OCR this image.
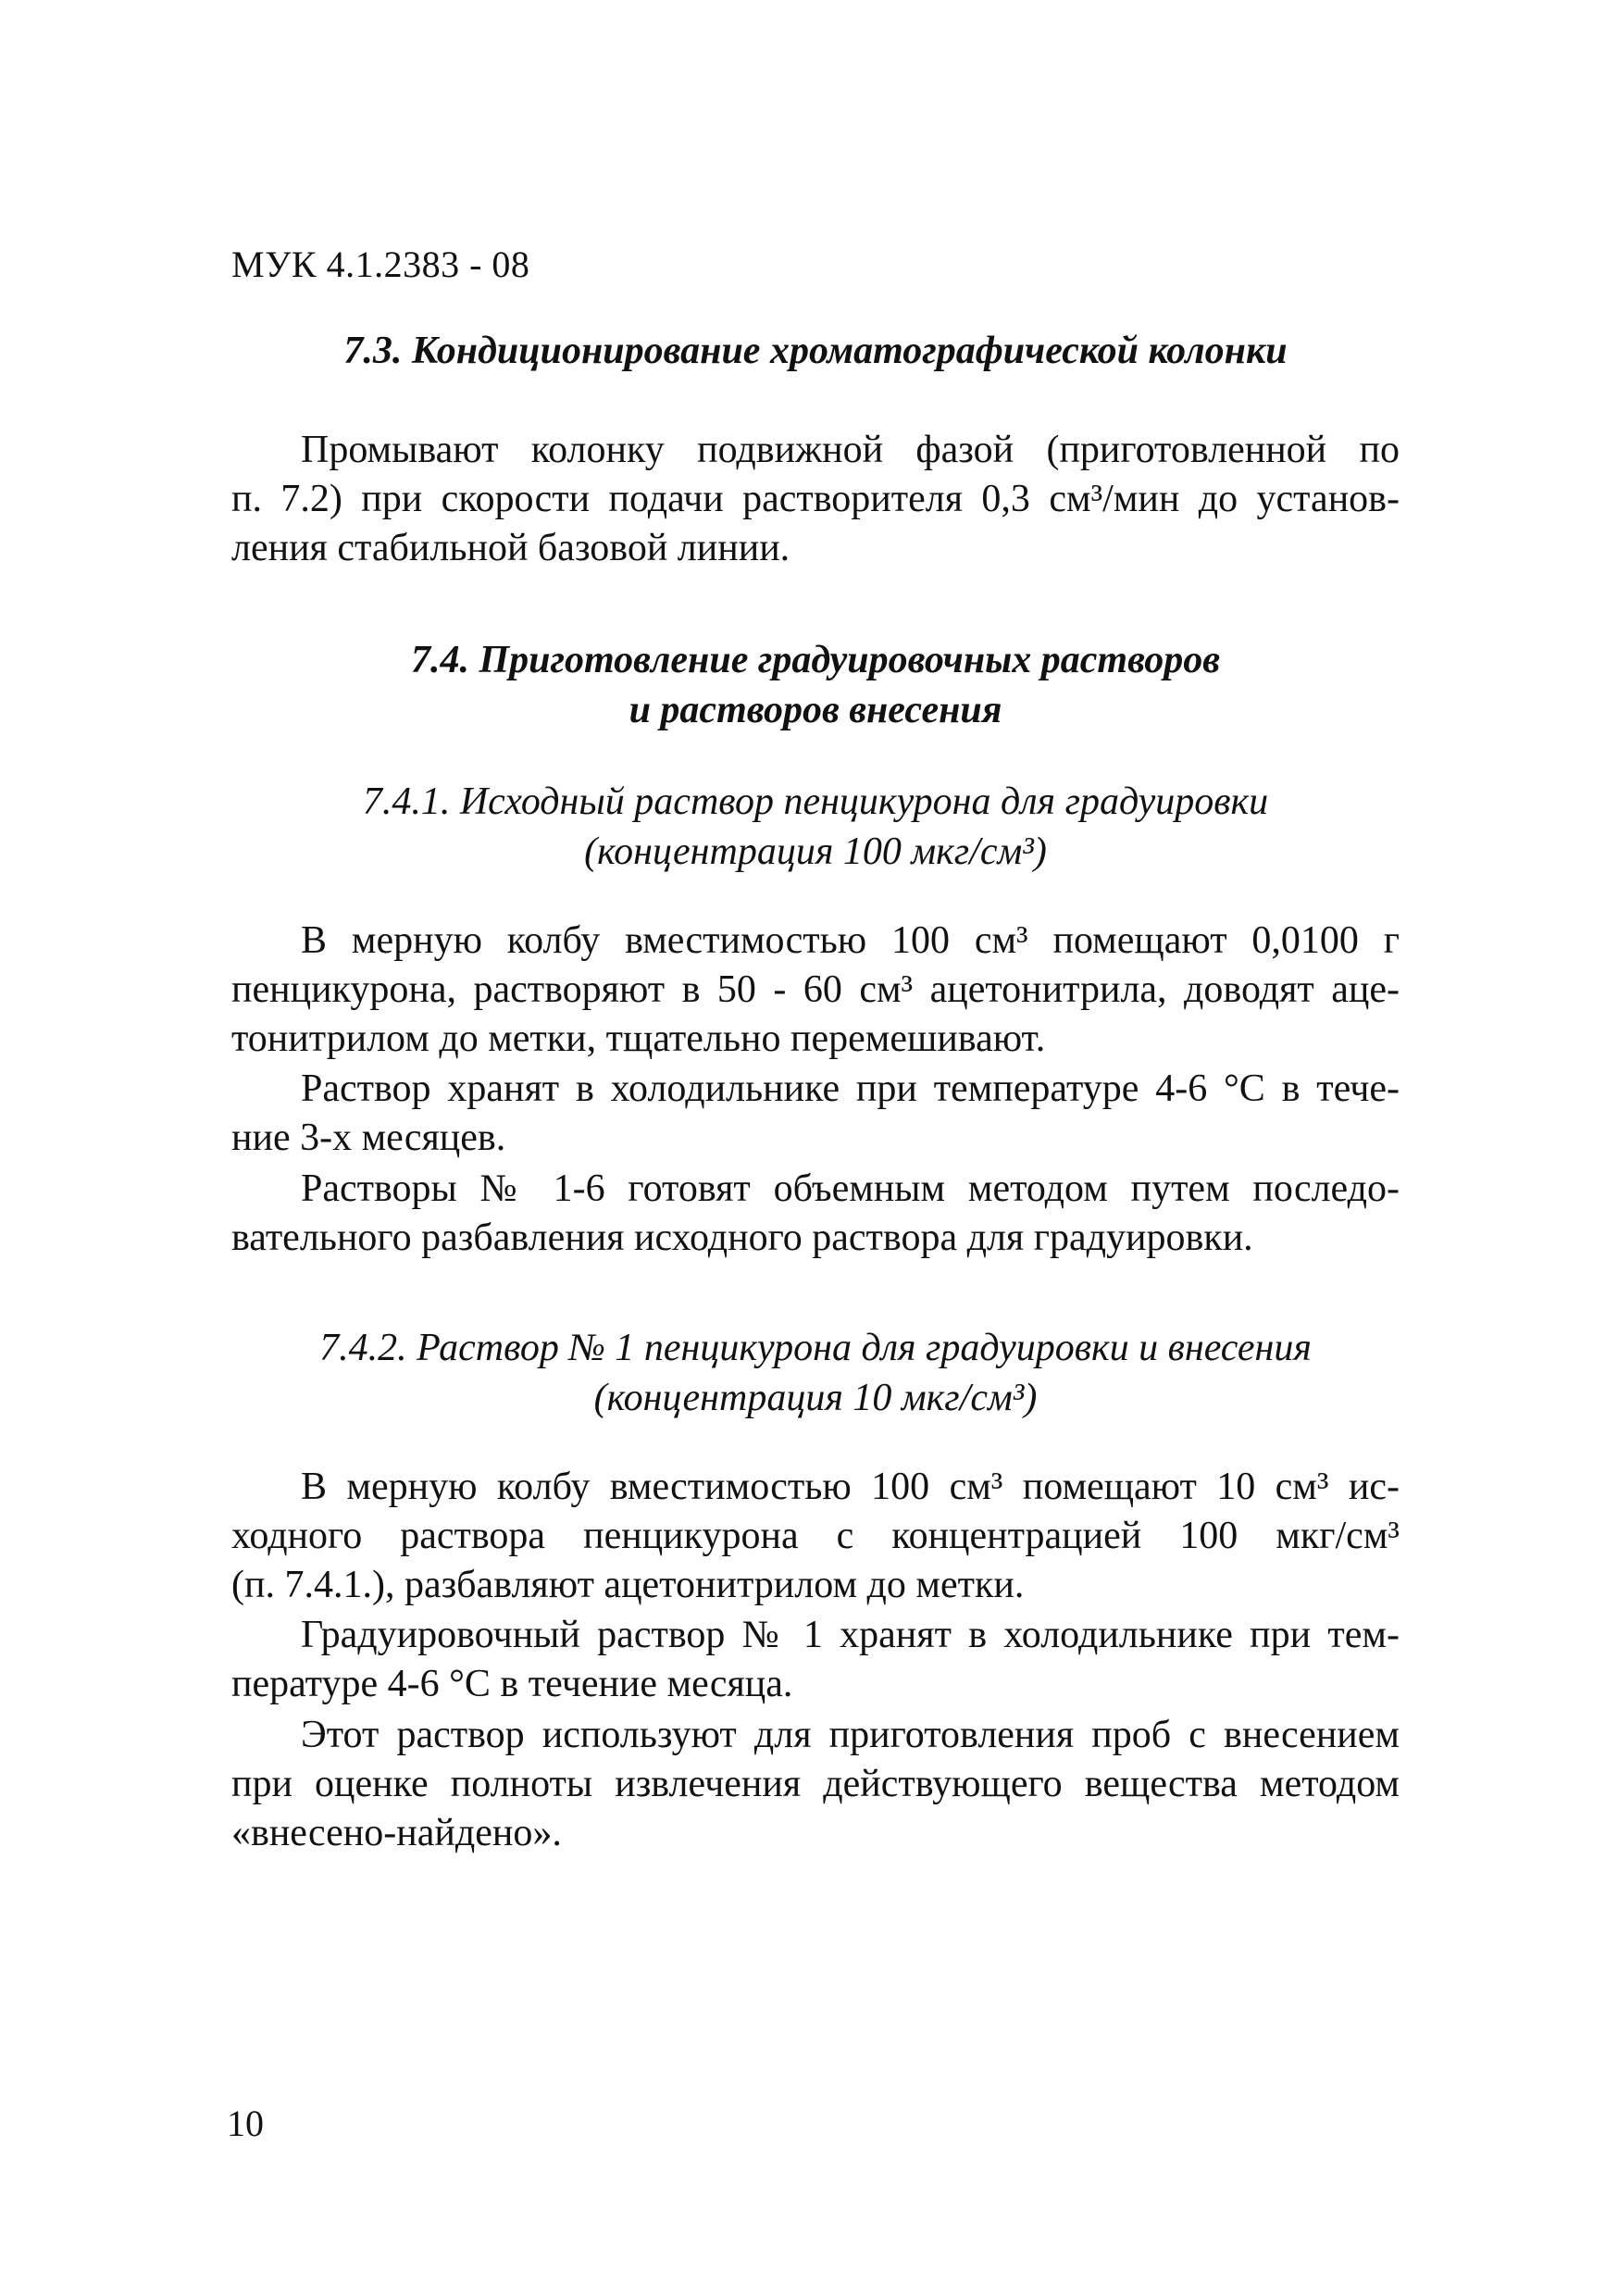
МУК 4.1.2383 - 08
7.3. Кондиционирование хроматографической колонки
Промывают колонку подвижной фазой (приготовленной по
п. 7.2) при скорости подачи растворителя 0,3 см³/мин до установ-
ления стабильной базовой линии.
7.4. Приготовление градуировочных растворов
и растворов внесения
7.4.1. Исходный раствор пенцикурона для градуировки
(концентрация 100 мкг/см³)
В мерную колбу вместимостью 100 см³ помещают 0,0100 г
пенцикурона, растворяют в 50 - 60 см³ ацетонитрила, доводят аце-
тонитрилом до метки, тщательно перемешивают.
Раствор хранят в холодильнике при температуре 4-6 °С в тече-
ние 3-х месяцев.
Растворы № 1-6 готовят объемным методом путем последо-
вательного разбавления исходного раствора для градуировки.
7.4.2. Раствор № 1 пенцикурона для градуировки и внесения
(концентрация 10 мкг/см³)
В мерную колбу вместимостью 100 см³ помещают 10 см³ ис-
ходного раствора пенцикурона с концентрацией 100 мкг/см³
(п. 7.4.1.), разбавляют ацетонитрилом до метки.
Градуировочный раствор № 1 хранят в холодильнике при тем-
пературе 4-6 °С в течение месяца.
Этот раствор используют для приготовления проб с внесением
при оценке полноты извлечения действующего вещества методом
«внесено-найдено».
10
